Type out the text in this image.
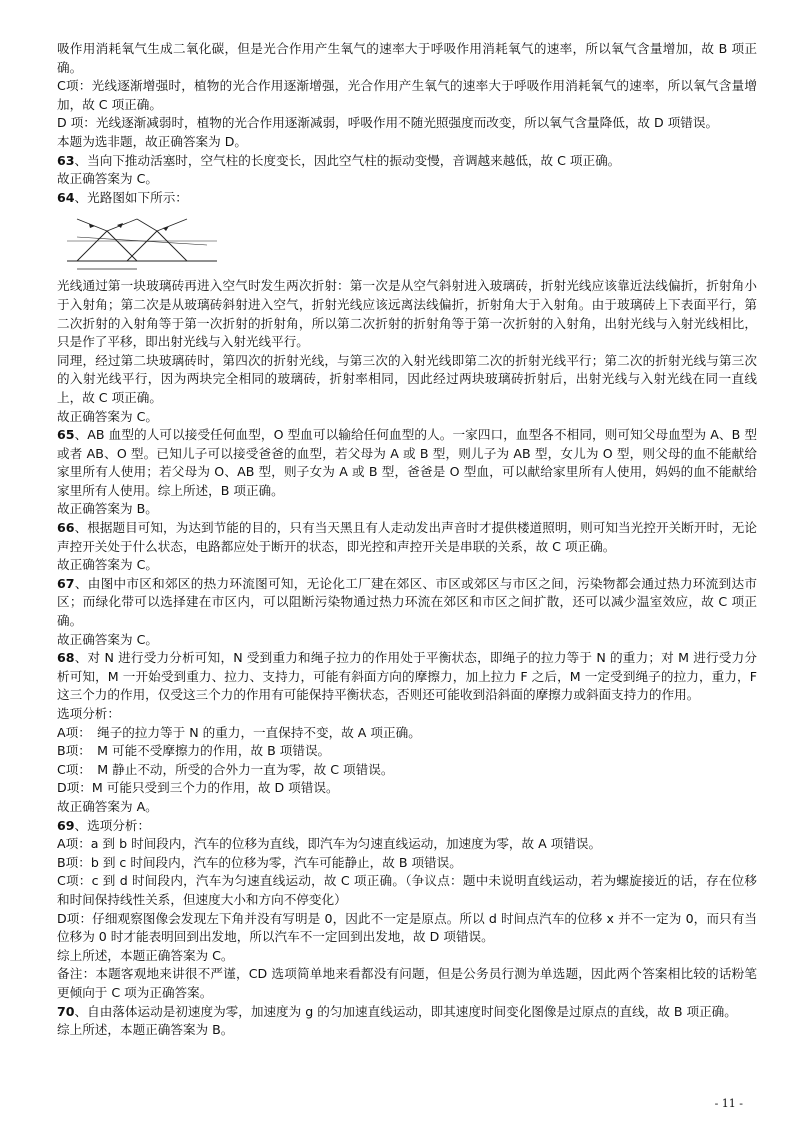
吸作用消耗氧气生成二氧化碳，但是光合作用产生氧气的速率大于呼吸作用消耗氧气的速率，所以氧气含量增加，故 B 项正确。

C项：光线逐渐增强时，植物的光合作用逐渐增强，光合作用产生氧气的速率大于呼吸作用消耗氧气的速率，所以氧气含量增加，故 C 项正确。

D 项：光线逐渐减弱时，植物的光合作用逐渐减弱，呼吸作用不随光照强度而改变，所以氧气含量降低，故 D 项错误。

本题为选非题，故正确答案为 D。

63、当向下推动活塞时，空气柱的长度变长，因此空气柱的振动变慢，音调越来越低，故 C 项正确。

故正确答案为 C。

64、光路图如下所示：

光线通过第一块玻璃砖再进入空气时发生两次折射：第一次是从空气斜射进入玻璃砖，折射光线应该靠近法线偏折，折射角小于入射角；第二次是从玻璃砖斜射进入空气，折射光线应该远离法线偏折，折射角大于入射角。由于玻璃砖上下表面平行，第二次折射的入射角等于第一次折射的折射角，所以第二次折射的折射角等于第一次折射的入射角，出射光线与入射光线相比，只是作了平移，即出射光线与入射光线平行。

同理，经过第二块玻璃砖时，第四次的折射光线，与第三次的入射光线即第二次的折射光线平行；第二次的折射光线与第三次的入射光线平行，因为两块完全相同的玻璃砖，折射率相同，因此经过两块玻璃砖折射后，出射光线与入射光线在同一直线上，故 C 项正确。

故正确答案为 C。

65、AB 血型的人可以接受任何血型，O 型血可以输给任何血型的人。一家四口，血型各不相同，则可知父母血型为 A、B 型或者 AB、O 型。已知儿子可以接受爸爸的血型，若父母为 A 或 B 型，则儿子为 AB 型，女儿为 O 型，则父母的血不能献给家里所有人使用；若父母为 O、AB 型，则子女为 A 或 B 型，爸爸是 O 型血，可以献给家里所有人使用，妈妈的血不能献给家里所有人使用。综上所述，B 项正确。

故正确答案为 B。

66、根据题目可知，为达到节能的目的，只有当天黑且有人走动发出声音时才提供楼道照明，则可知当光控开关断开时，无论声控开关处于什么状态，电路都应处于断开的状态，即光控和声控开关是串联的关系，故 C 项正确。

故正确答案为 C。

67、由图中市区和郊区的热力环流图可知，无论化工厂建在郊区、市区或郊区与市区之间，污染物都会通过热力环流到达市区；而绿化带可以选择建在市区内，可以阻断污染物通过热力环流在郊区和市区之间扩散，还可以减少温室效应，故 C 项正确。

故正确答案为 C。

68、对 N 进行受力分析可知，N 受到重力和绳子拉力的作用处于平衡状态，即绳子的拉力等于 N 的重力；对 M 进行受力分析可知，M 一开始受到重力、拉力、支持力，可能有斜面方向的摩擦力，加上拉力 F 之后，M 一定受到绳子的拉力，重力，F 这三个力的作用，仅受这三个力的作用有可能保持平衡状态，否则还可能收到沿斜面的摩擦力或斜面支持力的作用。

选项分析：

A项：　绳子的拉力等于 N 的重力，一直保持不变，故 A 项正确。

B项：　M 可能不受摩擦力的作用，故 B 项错误。

C项：　M 静止不动，所受的合外力一直为零，故 C 项错误。

D项：M 可能只受到三个力的作用，故 D 项错误。

故正确答案为 A。

69、选项分析：

A项：a 到 b 时间段内，汽车的位移为直线，即汽车为匀速直线运动，加速度为零，故 A 项错误。

B项：b 到 c 时间段内，汽车的位移为零，汽车可能静止，故 B 项错误。

C项：c 到 d 时间段内，汽车为匀速直线运动，故 C 项正确。（争议点：题中未说明直线运动，若为螺旋接近的话，存在位移和时间保持线性关系，但速度大小和方向不停变化）

D项：仔细观察图像会发现左下角并没有写明是 0，因此不一定是原点。所以 d 时间点汽车的位移 x 并不一定为 0，而只有当位移为 0 时才能表明回到出发地，所以汽车不一定回到出发地，故 D 项错误。

综上所述，本题正确答案为 C。

备注：本题客观地来讲很不严谨，CD 选项简单地来看都没有问题，但是公务员行测为单选题，因此两个答案相比较的话粉笔更倾向于 C 项为正确答案。

70、自由落体运动是初速度为零，加速度为 g 的匀加速直线运动，即其速度时间变化图像是过原点的直线，故 B 项正确。

综上所述，本题正确答案为 B。

- 11 -
